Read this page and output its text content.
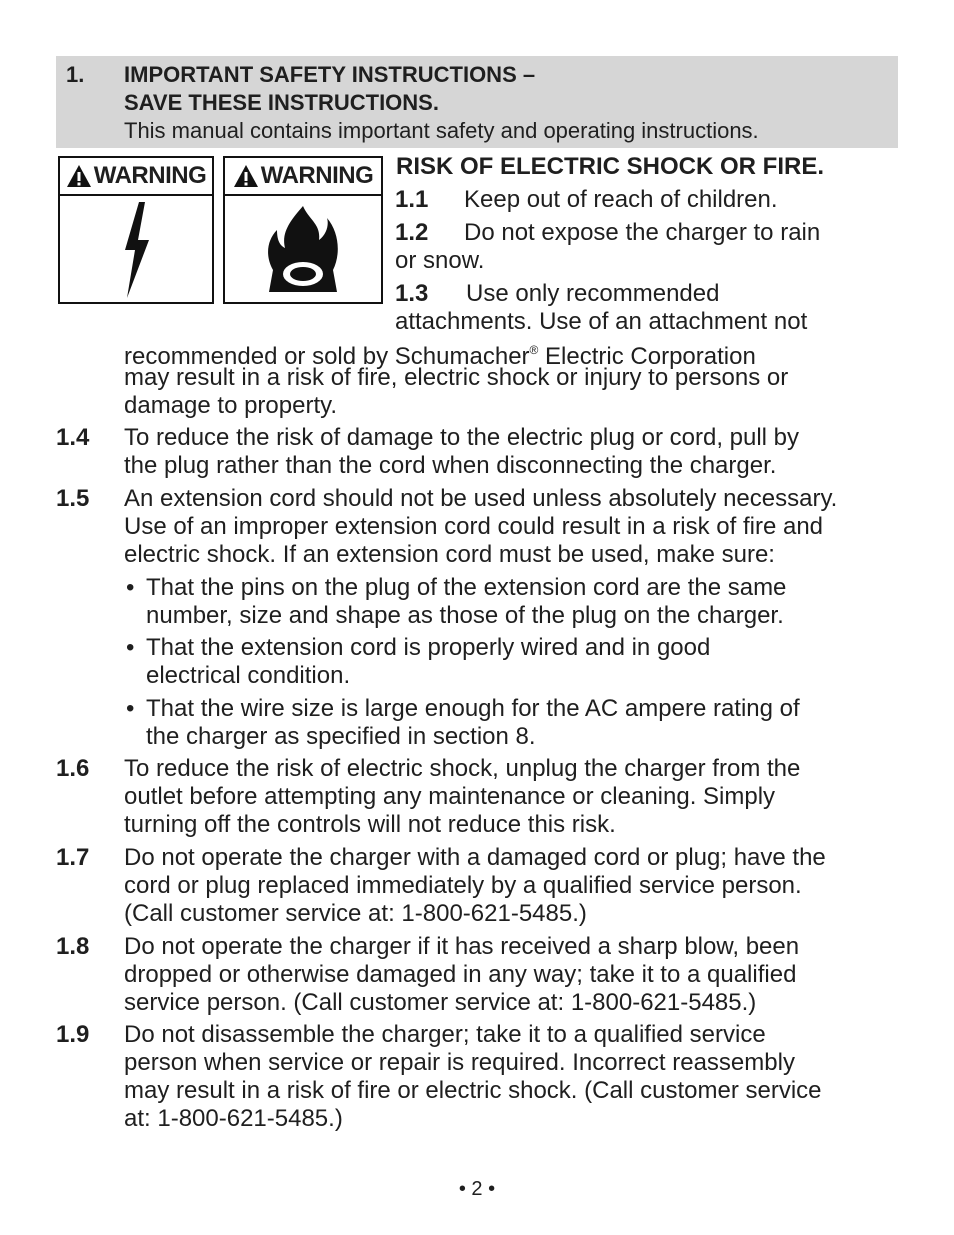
1. IMPORTANT SAFETY INSTRUCTIONS –
SAVE THESE INSTRUCTIONS.
This manual contains important safety and operating instructions.
WARNING WARNING RISK OF ELECTRIC SHOCK OR FIRE.
1.1 Keep out of reach of children.
1.2 Do not expose the charger to rain
or snow.
1.3 Use only recommended
attachments. Use of an attachment not
recommended or sold by Schumacher® Electric Corporation
may result in a risk of fire, electric shock or injury to persons or
damage to property.
1.4 To reduce the risk of damage to the electric plug or cord, pull by
the plug rather than the cord when disconnecting the charger.
1.5 An extension cord should not be used unless absolutely necessary.
Use of an improper extension cord could result in a risk of fire and
electric shock. If an extension cord must be used, make sure:
• That the pins on the plug of the extension cord are the same
number, size and shape as those of the plug on the charger.
• That the extension cord is properly wired and in good
electrical condition.
• That the wire size is large enough for the AC ampere rating of
the charger as specified in section 8.
1.6 To reduce the risk of electric shock, unplug the charger from the
outlet before attempting any maintenance or cleaning. Simply
turning off the controls will not reduce this risk.
1.7 Do not operate the charger with a damaged cord or plug; have the
cord or plug replaced immediately by a qualified service person.
(Call customer service at: 1-800-621-5485.)
1.8 Do not operate the charger if it has received a sharp blow, been
dropped or otherwise damaged in any way; take it to a qualified
service person. (Call customer service at: 1-800-621-5485.)
1.9 Do not disassemble the charger; take it to a qualified service
person when service or repair is required. Incorrect reassembly
may result in a risk of fire or electric shock. (Call customer service
at: 1-800-621-5485.)
• 2 •
